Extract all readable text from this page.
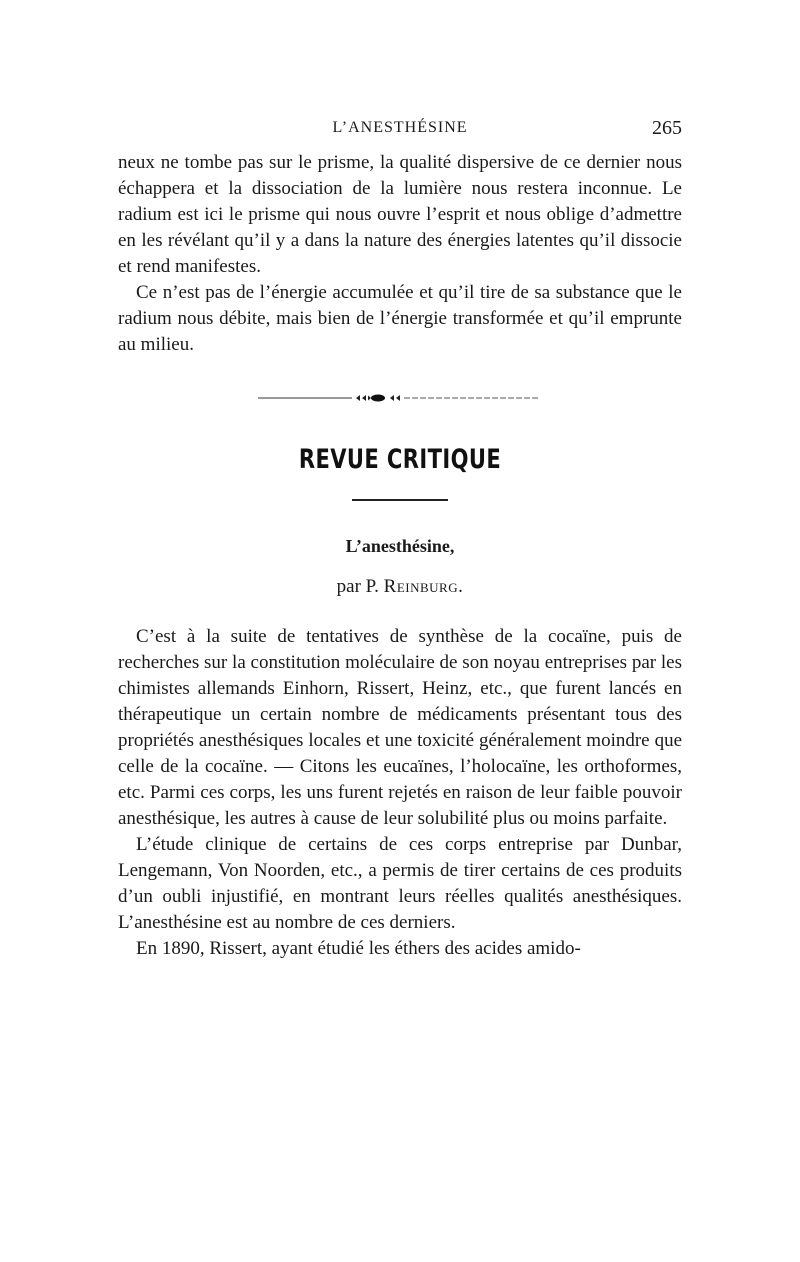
L’ANESTHÉSINE	265

neux ne tombe pas sur le prisme, la qualité dispersive de ce dernier nous échappera et la dissociation de la lumière nous restera inconnue. Le radium est ici le prisme qui nous ouvre l’esprit et nous oblige d’admettre en les révélant qu’il y a dans la nature des énergies latentes qu’il dissocie et rend manifestes.

Ce n’est pas de l’énergie accumulée et qu’il tire de sa substance que le radium nous débite, mais bien de l’énergie transformée et qu’il emprunte au milieu.

REVUE CRITIQUE
L’anesthésine,
par P. Reinburg.

C’est à la suite de tentatives de synthèse de la cocaïne, puis de recherches sur la constitution moléculaire de son noyau entreprises par les chimistes allemands Einhorn, Rissert, Heinz, etc., que furent lancés en thérapeutique un certain nombre de médicaments présentant tous des propriétés anesthésiques locales et une toxicité généralement moindre que celle de la cocaïne. — Citons les eucaïnes, l’holocaïne, les orthoformes, etc. Parmi ces corps, les uns furent rejetés en raison de leur faible pouvoir anesthésique, les autres à cause de leur solubilité plus ou moins parfaite.

L’étude clinique de certains de ces corps entreprise par Dunbar, Lengemann, Von Noorden, etc., a permis de tirer certains de ces produits d’un oubli injustifié, en montrant leurs réelles qualités anesthésiques. L’anesthésine est au nombre de ces derniers.

En 1890, Rissert, ayant étudié les éthers des acides amido-
